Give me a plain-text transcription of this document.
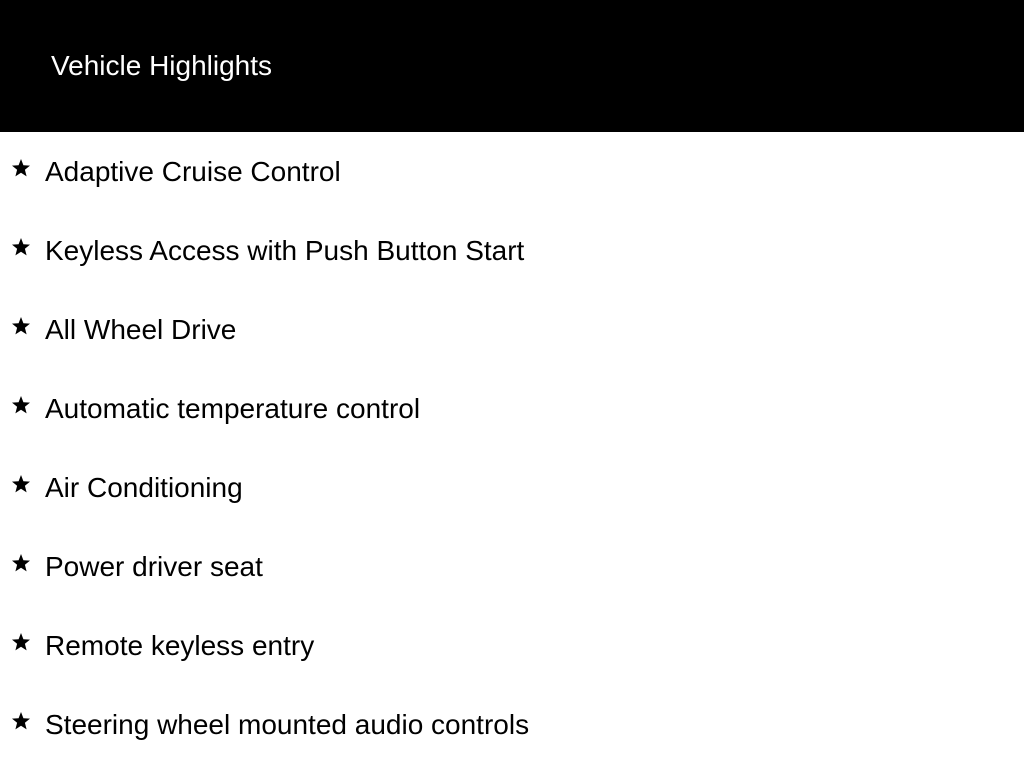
Vehicle Highlights
Adaptive Cruise Control
Keyless Access with Push Button Start
All Wheel Drive
Automatic temperature control
Air Conditioning
Power driver seat
Remote keyless entry
Steering wheel mounted audio controls
